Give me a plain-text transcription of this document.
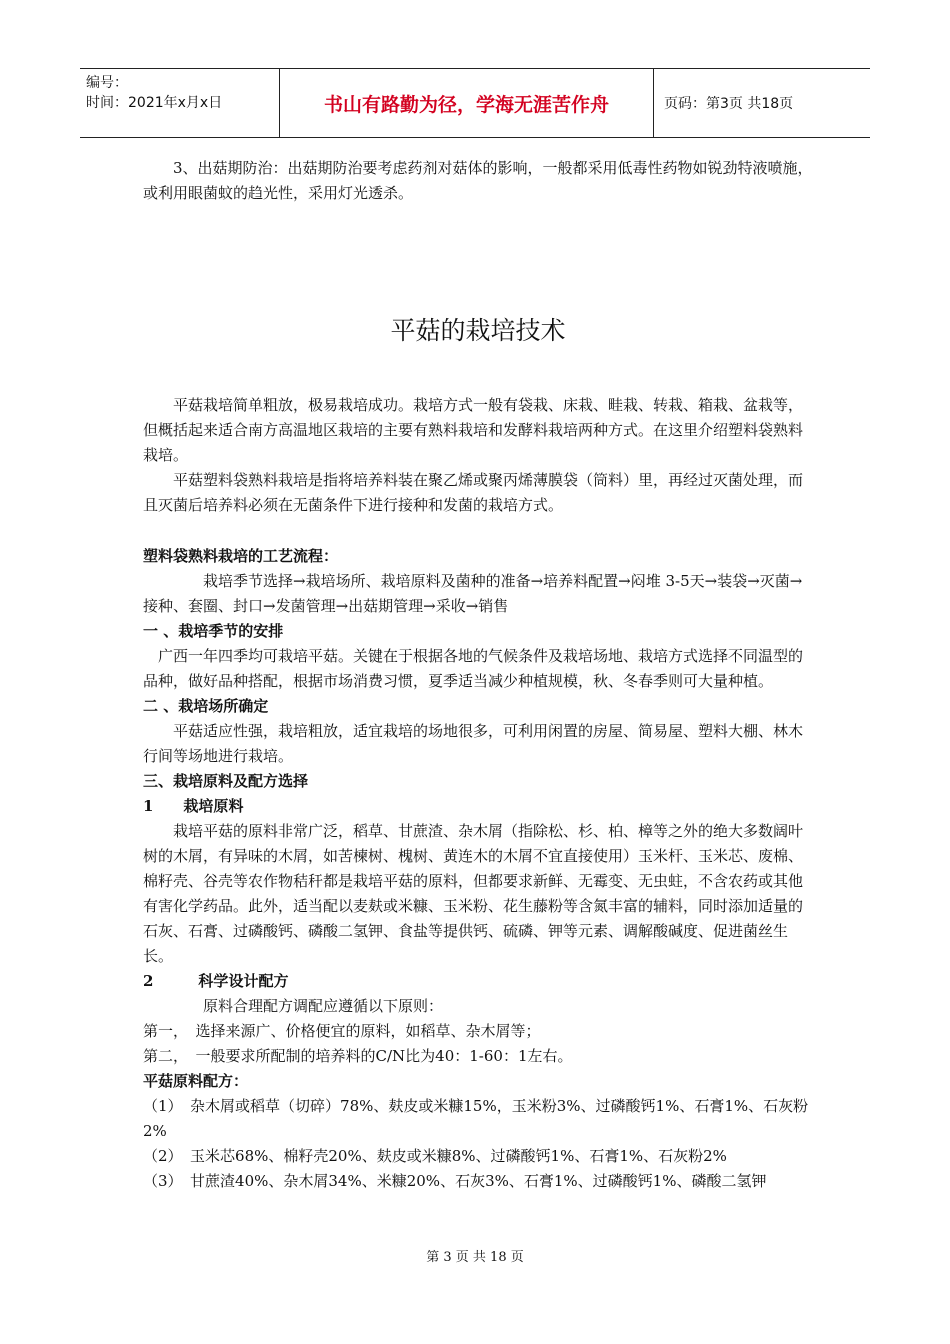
编号：
时间：2021年x月x日	书山有路勤为径，学海无涯苦作舟	页码：第3页 共18页

3、出菇期防治：出菇期防治要考虑药剂对菇体的影响，一般都采用低毒性药物如锐劲特液喷施，或利用眼菌蚊的趋光性，采用灯光透杀。

平菇的栽培技术

平菇栽培简单粗放，极易栽培成功。栽培方式一般有袋栽、床栽、畦栽、转栽、箱栽、盆栽等，但概括起来适合南方高温地区栽培的主要有熟料栽培和发酵料栽培两种方式。在这里介绍塑料袋熟料栽培。

平菇塑料袋熟料栽培是指将培养料装在聚乙烯或聚丙烯薄膜袋（筒料）里，再经过灭菌处理，而且灭菌后培养料必须在无菌条件下进行接种和发菌的栽培方式。

塑料袋熟料栽培的工艺流程：

栽培季节选择→栽培场所、栽培原料及菌种的准备→培养料配置→闷堆 3-5天→装袋→灭菌→接种、套圈、封口→发菌管理→出菇期管理→采收→销售

一 、栽培季节的安排

广西一年四季均可栽培平菇。关键在于根据各地的气候条件及栽培场地、栽培方式选择不同温型的品种，做好品种搭配，根据市场消费习惯，夏季适当减少种植规模，秋、冬春季则可大量种植。

二 、栽培场所确定

平菇适应性强，栽培粗放，适宜栽培的场地很多，可利用闲置的房屋、简易屋、塑料大棚、林木行间等场地进行栽培。

三、栽培原料及配方选择

1　　栽培原料

栽培平菇的原料非常广泛，稻草、甘蔗渣、杂木屑（指除松、杉、柏、樟等之外的绝大多数阔叶树的木屑，有异味的木屑，如苦楝树、槐树、黄连木的木屑不宜直接使用）玉米杆、玉米芯、废棉、棉籽壳、谷壳等农作物秸秆都是栽培平菇的原料，但都要求新鲜、无霉变、无虫蛀，不含农药或其他有害化学药品。此外，适当配以麦麸或米糠、玉米粉、花生藤粉等含氮丰富的辅料，同时添加适量的石灰、石膏、过磷酸钙、磷酸二氢钾、食盐等提供钙、硫磷、钾等元素、调解酸碱度、促进菌丝生长。

2　　　科学设计配方

原料合理配方调配应遵循以下原则：

第一，　选择来源广、价格便宜的原料，如稻草、杂木屑等；

第二，　一般要求所配制的培养料的C/N比为40：1-60：1左右。

平菇原料配方：

（1）　杂木屑或稻草（切碎）78%、麸皮或米糠15%，玉米粉3%、过磷酸钙1%、石膏1%、石灰粉2%

（2）　玉米芯68%、棉籽壳20%、麸皮或米糠8%、过磷酸钙1%、石膏1%、石灰粉2%

（3）　甘蔗渣40%、杂木屑34%、米糠20%、石灰3%、石膏1%、过磷酸钙1%、磷酸二氢钾

第 3 页 共 18 页
